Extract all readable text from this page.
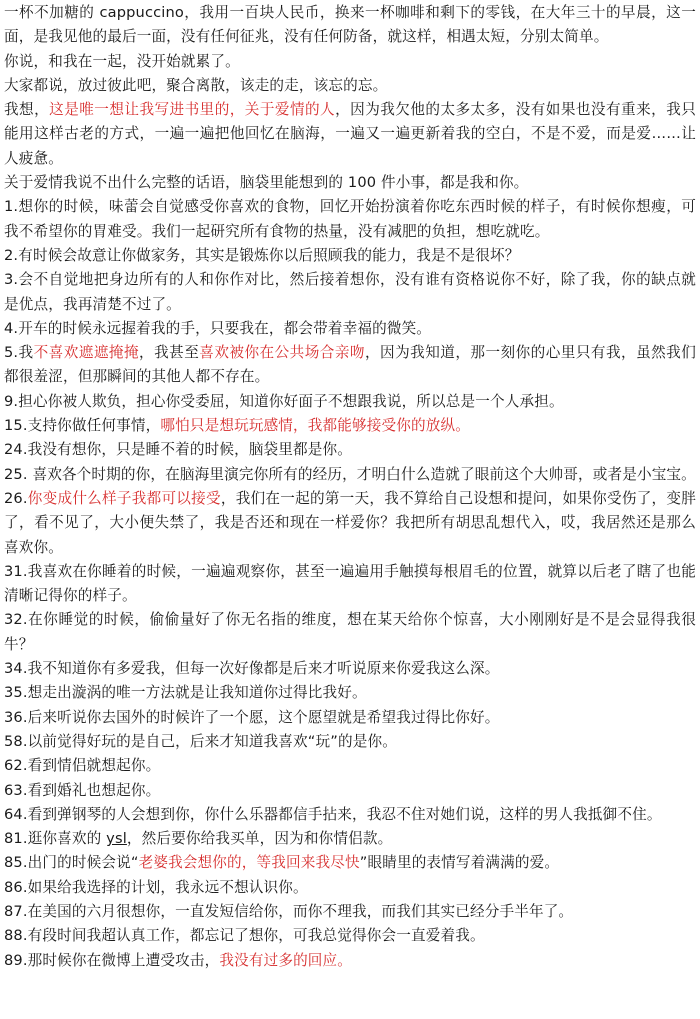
一杯不加糖的 cappuccino，我用一百块人民币，换来一杯咖啡和剩下的零钱，在大年三十的早晨，这一面，是我见他的最后一面，没有任何征兆，没有任何防备，就这样，相遇太短，分别太简单。

你说，和我在一起，没开始就累了。

大家都说，放过彼此吧，聚合离散，该走的走，该忘的忘。

我想，这是唯一想让我写进书里的，关于爱情的人，因为我欠他的太多太多，没有如果也没有重来，我只能用这样古老的方式，一遍一遍把他回忆在脑海，一遍又一遍更新着我的空白，不是不爱，而是爱……让人疲惫。

关于爱情我说不出什么完整的话语，脑袋里能想到的 100 件小事，都是我和你。

1.想你的时候，味蕾会自觉感受你喜欢的食物，回忆开始扮演着你吃东西时候的样子，有时候你想瘦，可我不希望你的胃难受。我们一起研究所有食物的热量，没有减肥的负担，想吃就吃。

2.有时候会故意让你做家务，其实是锻炼你以后照顾我的能力，我是不是很坏？

3.会不自觉地把身边所有的人和你作对比，然后接着想你，没有谁有资格说你不好，除了我，你的缺点就是优点，我再清楚不过了。

4.开车的时候永远握着我的手，只要我在，都会带着幸福的微笑。

5.我不喜欢遮遮掩掩，我甚至喜欢被你在公共场合亲吻，因为我知道，那一刻你的心里只有我，虽然我们都很羞涩，但那瞬间的其他人都不存在。

9.担心你被人欺负，担心你受委屈，知道你好面子不想跟我说，所以总是一个人承担。

15.支持你做任何事情，哪怕只是想玩玩感情，我都能够接受你的放纵。

24.我没有想你，只是睡不着的时候，脑袋里都是你。

25. 喜欢各个时期的你，在脑海里演完你所有的经历，才明白什么造就了眼前这个大帅哥，或者是小宝宝。

26.你变成什么样子我都可以接受，我们在一起的第一天，我不算给自己设想和提问，如果你受伤了，变胖了，看不见了，大小便失禁了，我是否还和现在一样爱你？我把所有胡思乱想代入，哎，我居然还是那么喜欢你。

31.我喜欢在你睡着的时候，一遍遍观察你，甚至一遍遍用手触摸每根眉毛的位置，就算以后老了瞎了也能清晰记得你的样子。

32.在你睡觉的时候，偷偷量好了你无名指的维度，想在某天给你个惊喜，大小刚刚好是不是会显得我很牛？

34.我不知道你有多爱我，但每一次好像都是后来才听说原来你爱我这么深。

35.想走出漩涡的唯一方法就是让我知道你过得比我好。

36.后来听说你去国外的时候许了一个愿，这个愿望就是希望我过得比你好。

58.以前觉得好玩的是自己，后来才知道我喜欢“玩”的是你。

62.看到情侣就想起你。

63.看到婚礼也想起你。

64.看到弹钢琴的人会想到你，你什么乐器都信手拈来，我忍不住对她们说，这样的男人我抵御不住。

81.逛你喜欢的 ysl，然后要你给我买单，因为和你情侣款。

85.出门的时候会说“老婆我会想你的，等我回来我尽快”眼睛里的表情写着满满的爱。

86.如果给我选择的计划，我永远不想认识你。

87.在美国的六月很想你，一直发短信给你，而你不理我，而我们其实已经分手半年了。

88.有段时间我超认真工作，都忘记了想你，可我总觉得你会一直爱着我。

89.那时候你在微博上遭受攻击，我没有过多的回应。
